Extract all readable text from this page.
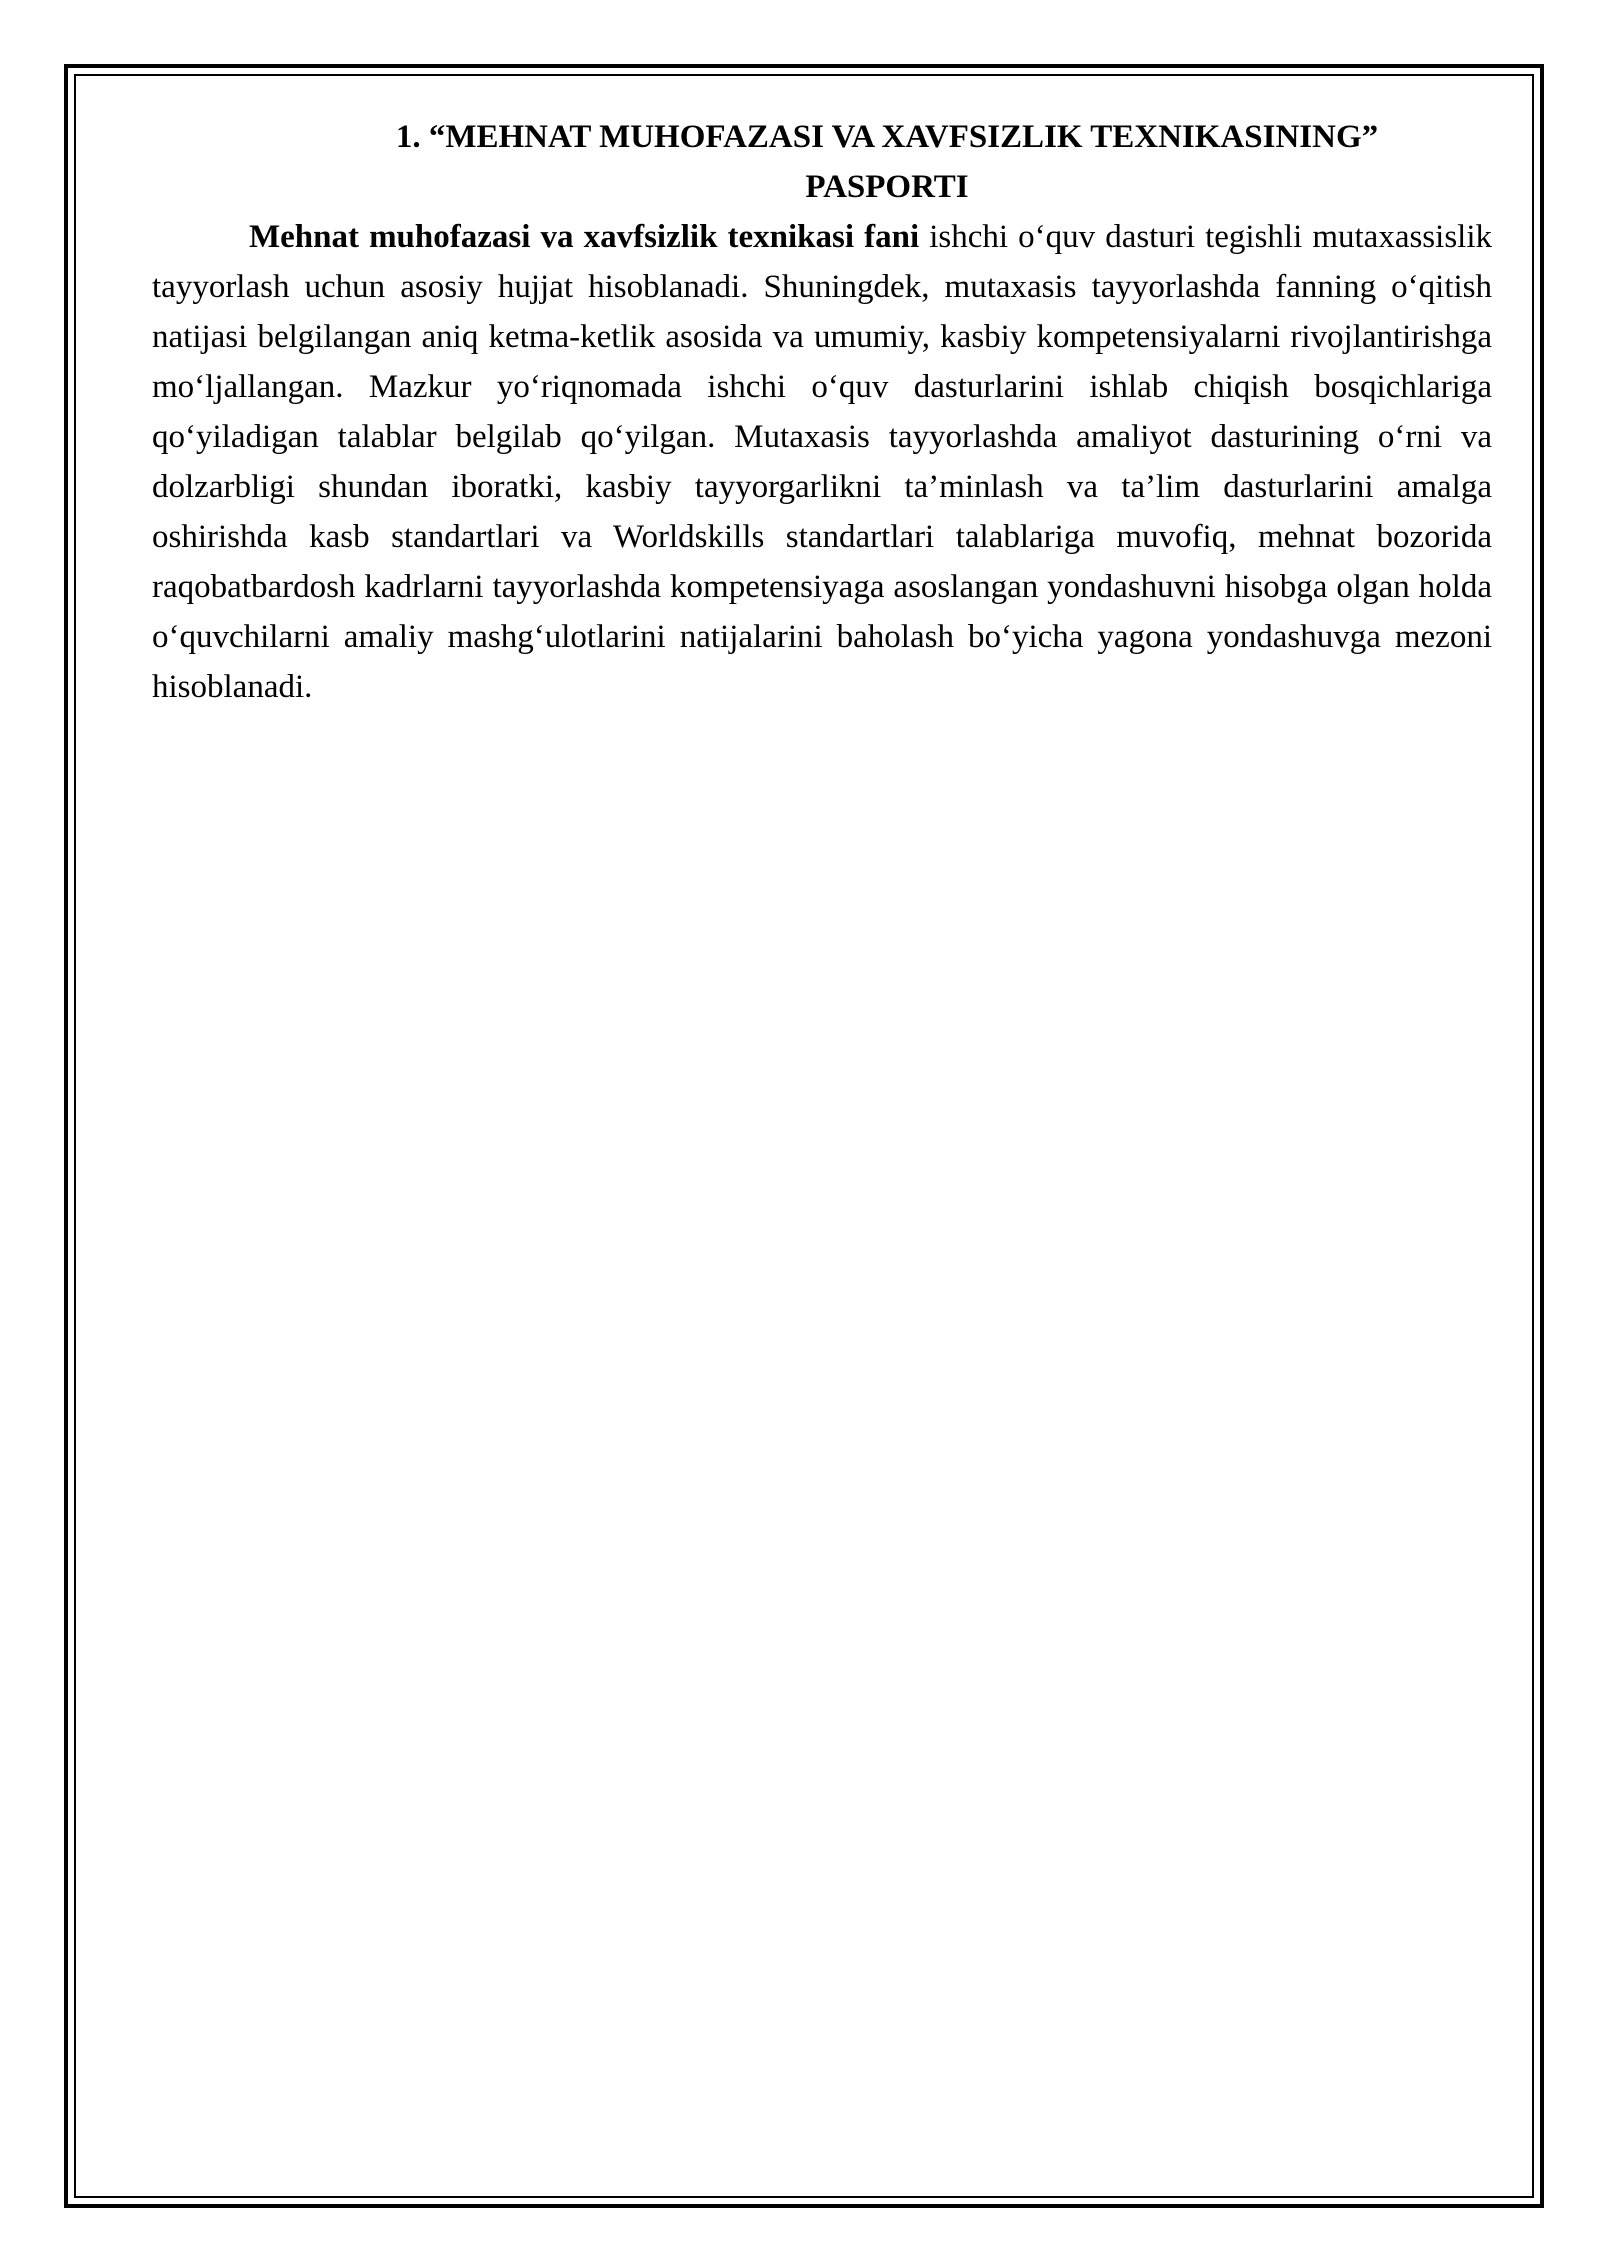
1. “MEHNAT MUHOFAZASI VA XAVFSIZLIK TEXNIKASINING”
PASPORTI

Mehnat muhofazasi va xavfsizlik texnikasi fani ishchi o‘quv dasturi tegishli mutaxassislik tayyorlash uchun asosiy hujjat hisoblanadi. Shuningdek, mutaxasis tayyorlashda fanning o‘qitish natijasi belgilangan aniq ketma-ketlik asosida va umumiy, kasbiy kompetensiyalarni rivojlantirishga mo‘ljallangan. Mazkur yo‘riqnomada ishchi o‘quv dasturlarini ishlab chiqish bosqichlariga qo‘yiladigan talablar belgilab qo‘yilgan. Mutaxasis tayyorlashda amaliyot dasturining o‘rni va dolzarbligi shundan iboratki, kasbiy tayyorgarlikni ta’minlash va ta’lim dasturlarini amalga oshirishda kasb standartlari va Worldskills standartlari talablariga muvofiq, mehnat bozorida raqobatbardosh kadrlarni tayyorlashda kompetensiyaga asoslangan yondashuvni hisobga olgan holda o‘quvchilarni amaliy mashg‘ulotlarini natijalarini baholash bo‘yicha yagona yondashuvga mezoni hisoblanadi.
